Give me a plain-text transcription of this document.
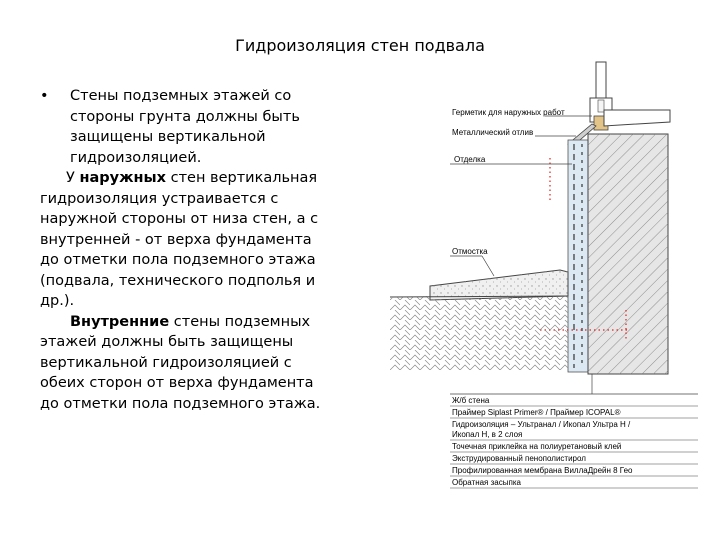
Гидроизоляция стен подвала
• Стены подземных этажей со
стороны грунта должны быть
защищены вертикальной
гидроизоляцией.
У наружных стен вертикальная
гидроизоляция устраивается с
наружной стороны от низа стен, а с
внутренней - от верха фундамента
до отметки пола подземного этажа
(подвала, технического подполья и
др.).
Внутренние стены подземных
этажей должны быть защищены
вертикальной гидроизоляцией с
обеих сторон от верха фундамента
до отметки пола подземного этажа.
Герметик для наружных работ
Металлический отлив
Отделка
Отмостка
Ж/б стена
Праймер Siplast Primer® / Праймер ICOPAL®
Гидроизоляция – Ультранал / Икопал Ультра Н /
Икопал Н, в 2 слоя
Точечная приклейка на полиуретановый клей
Экструдированный пенополистирол
Профилированная мембрана ВиллаДрейн 8 Гео
Обратная засыпка
